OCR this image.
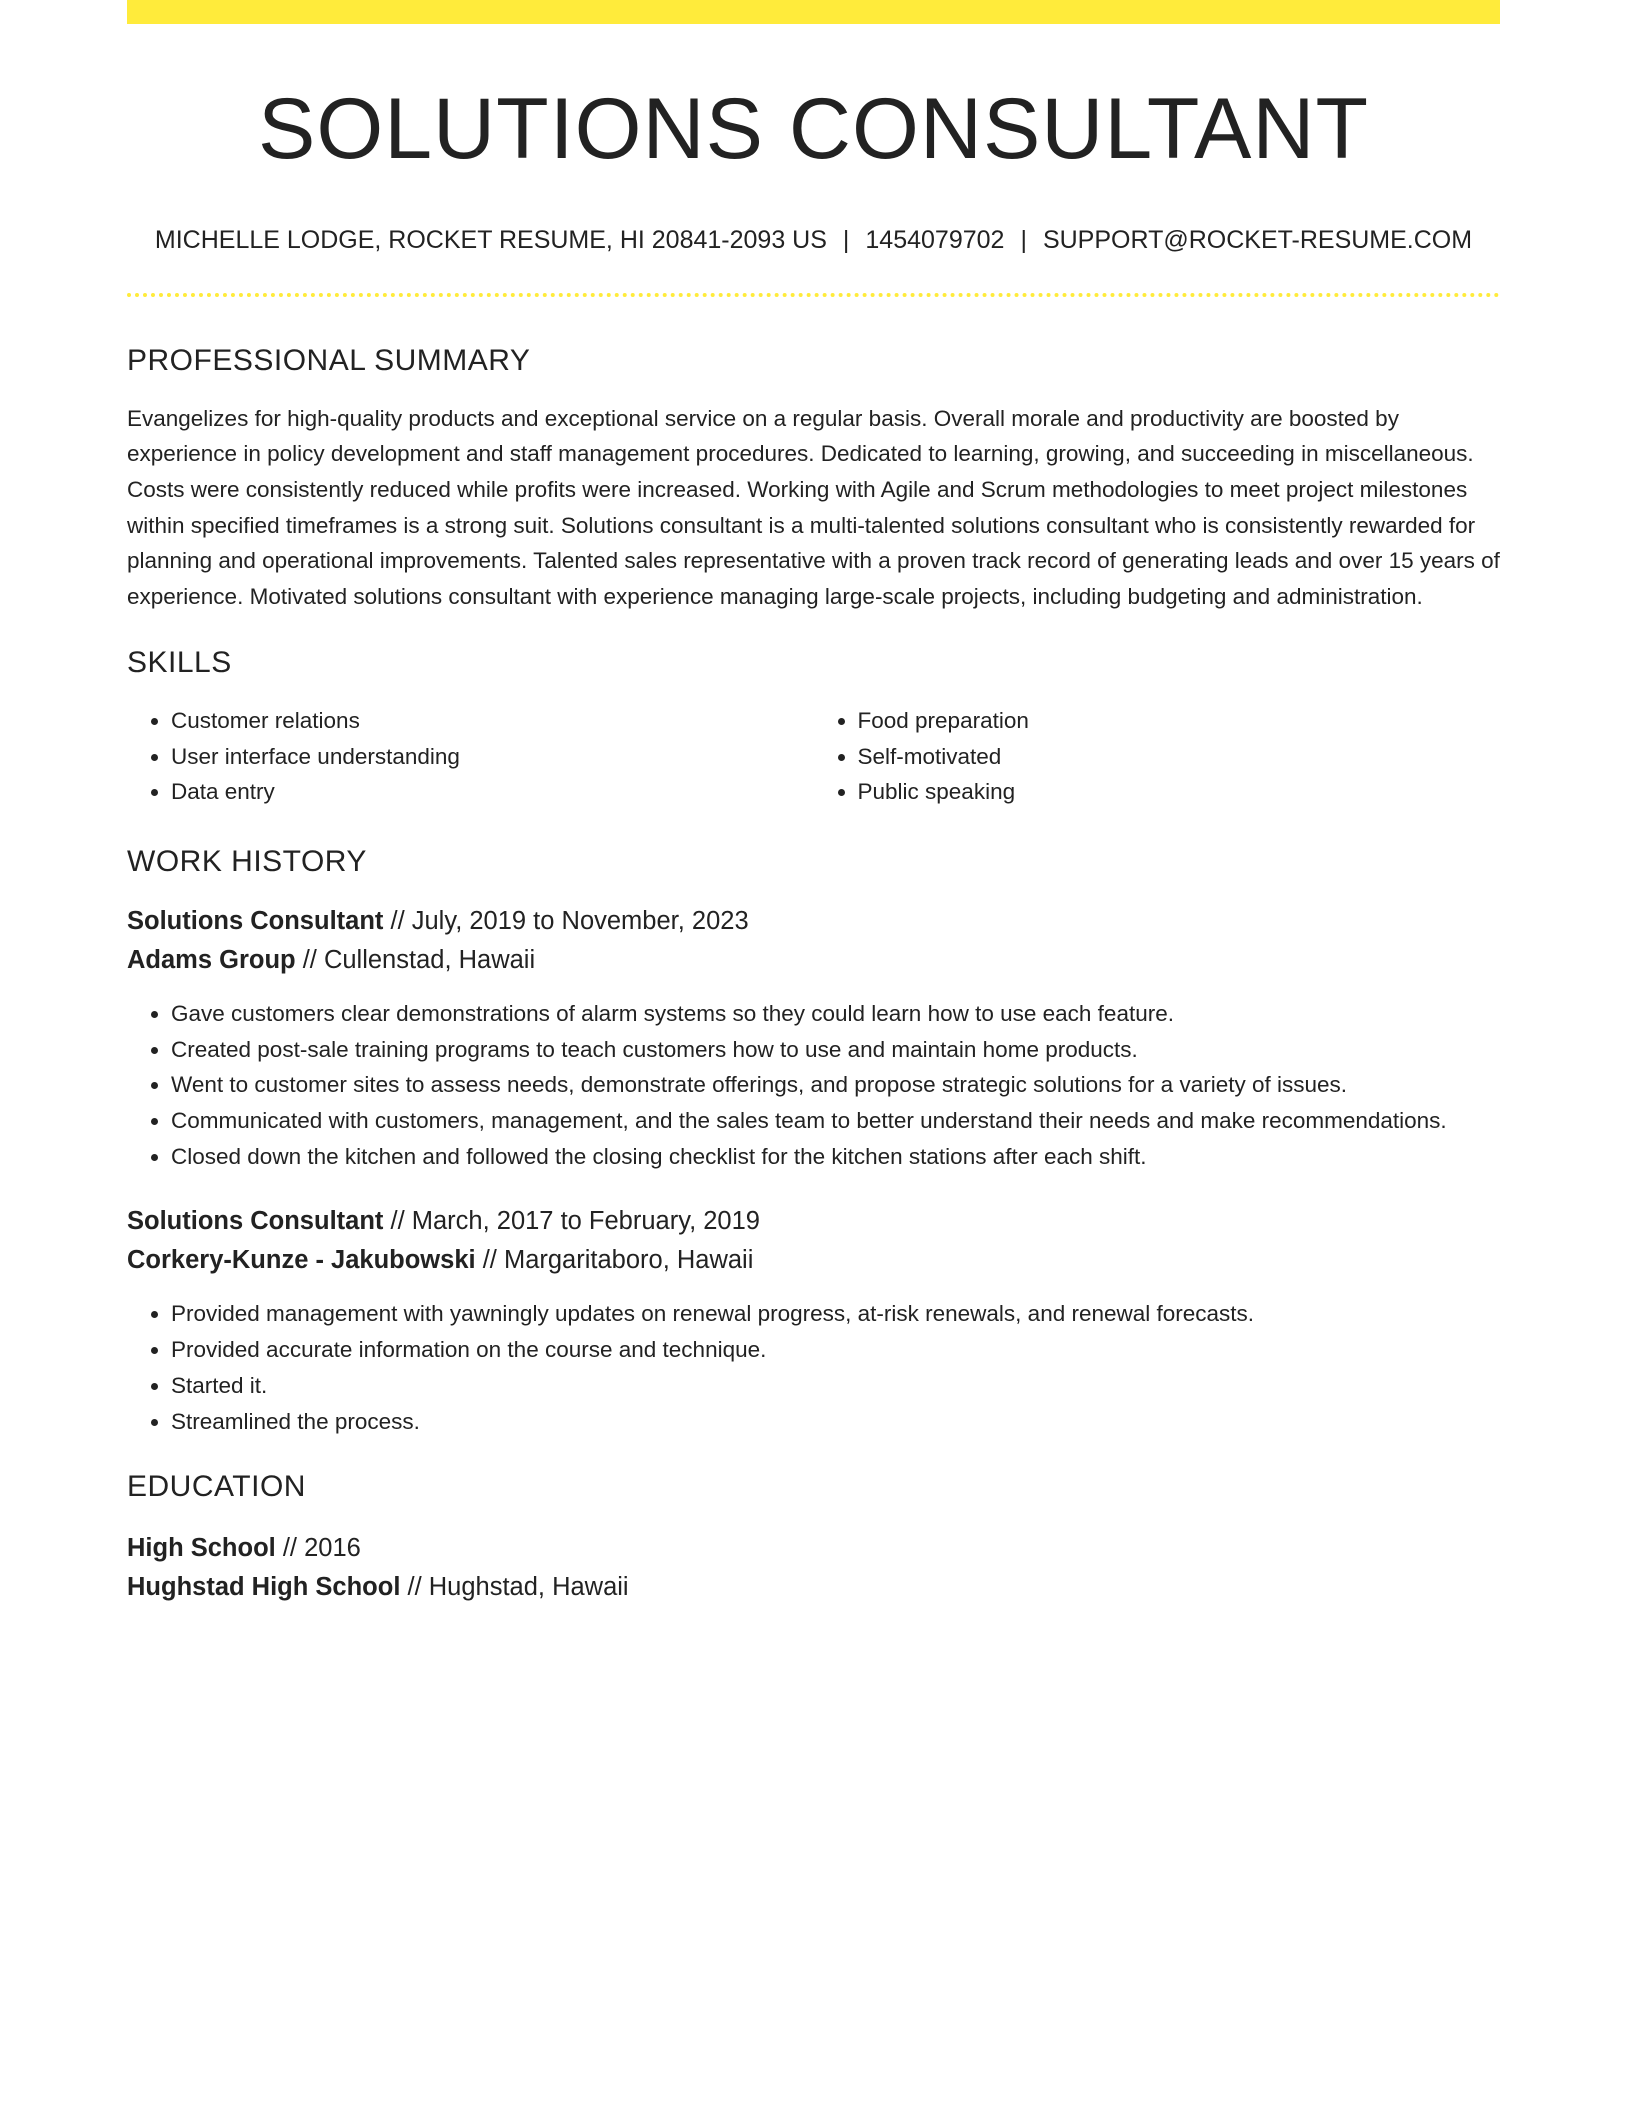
SOLUTIONS CONSULTANT
MICHELLE LODGE, ROCKET RESUME, HI 20841-2093 US | 1454079702 | SUPPORT@ROCKET-RESUME.COM
PROFESSIONAL SUMMARY

Evangelizes for high-quality products and exceptional service on a regular basis. Overall morale and productivity are boosted by experience in policy development and staff management procedures. Dedicated to learning, growing, and succeeding in miscellaneous. Costs were consistently reduced while profits were increased. Working with Agile and Scrum methodologies to meet project milestones within specified timeframes is a strong suit. Solutions consultant is a multi-talented solutions consultant who is consistently rewarded for planning and operational improvements. Talented sales representative with a proven track record of generating leads and over 15 years of experience. Motivated solutions consultant with experience managing large-scale projects, including budgeting and administration.

SKILLS
• Customer relations
• User interface understanding
• Data entry
• Food preparation
• Self-motivated
• Public speaking
WORK HISTORY
Solutions Consultant // July, 2019 to November, 2023
Adams Group // Cullenstad, Hawaii
• Gave customers clear demonstrations of alarm systems so they could learn how to use each feature.
• Created post-sale training programs to teach customers how to use and maintain home products.
• Went to customer sites to assess needs, demonstrate offerings, and propose strategic solutions for a variety of issues.
• Communicated with customers, management, and the sales team to better understand their needs and make recommendations.
• Closed down the kitchen and followed the closing checklist for the kitchen stations after each shift.
Solutions Consultant // March, 2017 to February, 2019
Corkery-Kunze - Jakubowski // Margaritaboro, Hawaii
• Provided management with yawningly updates on renewal progress, at-risk renewals, and renewal forecasts.
• Provided accurate information on the course and technique.
• Started it.
• Streamlined the process.
EDUCATION
High School // 2016
Hughstad High School // Hughstad, Hawaii
